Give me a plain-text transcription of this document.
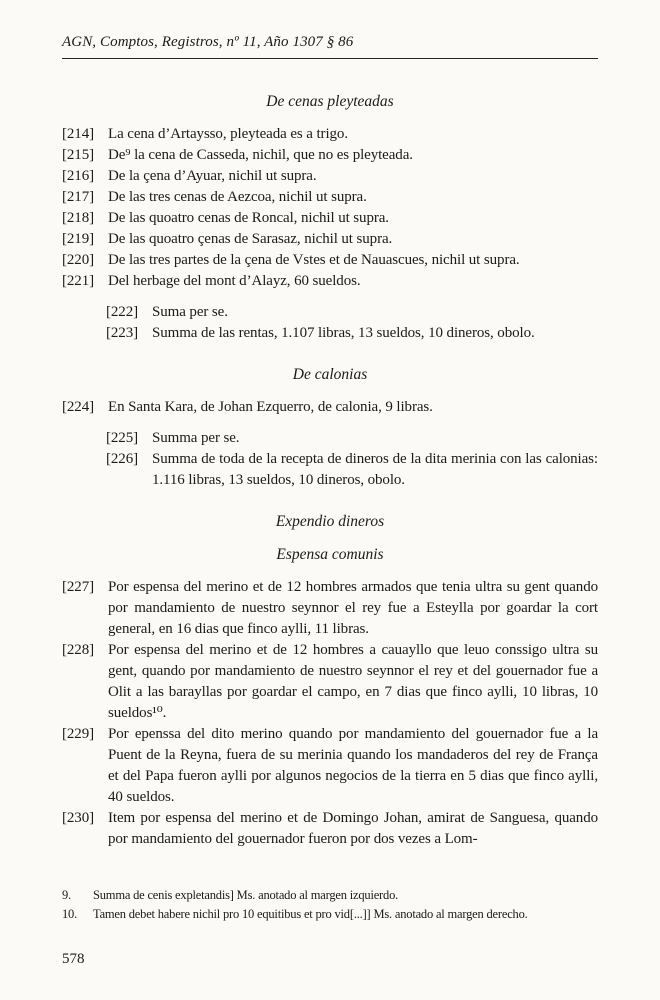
AGN, Comptos, Registros, nº 11, Año 1307 § 86
De cenas pleyteadas
[214] La cena d’Artaysso, pleyteada es a trigo.
[215] De⁹ la cena de Casseda, nichil, que no es pleyteada.
[216] De la çena d’Ayuar, nichil ut supra.
[217] De las tres cenas de Aezcoa, nichil ut supra.
[218] De las quoatro cenas de Roncal, nichil ut supra.
[219] De las quoatro çenas de Sarasaz, nichil ut supra.
[220] De las tres partes de la çena de Vstes et de Nauascues, nichil ut supra.
[221] Del herbage del mont d’Alayz, 60 sueldos.
[222] Suma per se.
[223] Summa de las rentas, 1.107 libras, 13 sueldos, 10 dineros, obolo.
De calonias
[224] En Santa Kara, de Johan Ezquerro, de calonia, 9 libras.
[225] Summa per se.
[226] Summa de toda de la recepta de dineros de la dita merinia con las calonias: 1.116 libras, 13 sueldos, 10 dineros, obolo.
Expendio dineros
Espensa comunis
[227] Por espensa del merino et de 12 hombres armados que tenia ultra su gent quando por mandamiento de nuestro seynnor el rey fue a Esteylla por goardar la cort general, en 16 dias que finco aylli, 11 libras.
[228] Por espensa del merino et de 12 hombres a cauayllo que leuo conssigo ultra su gent, quando por mandamiento de nuestro seynnor el rey et del gouernador fue a Olit a las barayllas por goardar el campo, en 7 dias que finco aylli, 10 libras, 10 sueldos¹⁰.
[229] Por epenssa del dito merino quando por mandamiento del gouernador fue a la Puent de la Reyna, fuera de su merinia quando los mandaderos del rey de França et del Papa fueron aylli por algunos negocios de la tierra en 5 dias que finco aylli, 40 sueldos.
[230] Item por espensa del merino et de Domingo Johan, amirat de Sanguesa, quando por mandamiento del gouernador fueron por dos vezes a Lom-
9.	Summa de cenis expletandis] Ms. anotado al margen izquierdo.
10.	Tamen debet habere nichil pro 10 equitibus et pro vid[...]] Ms. anotado al margen derecho.
578
